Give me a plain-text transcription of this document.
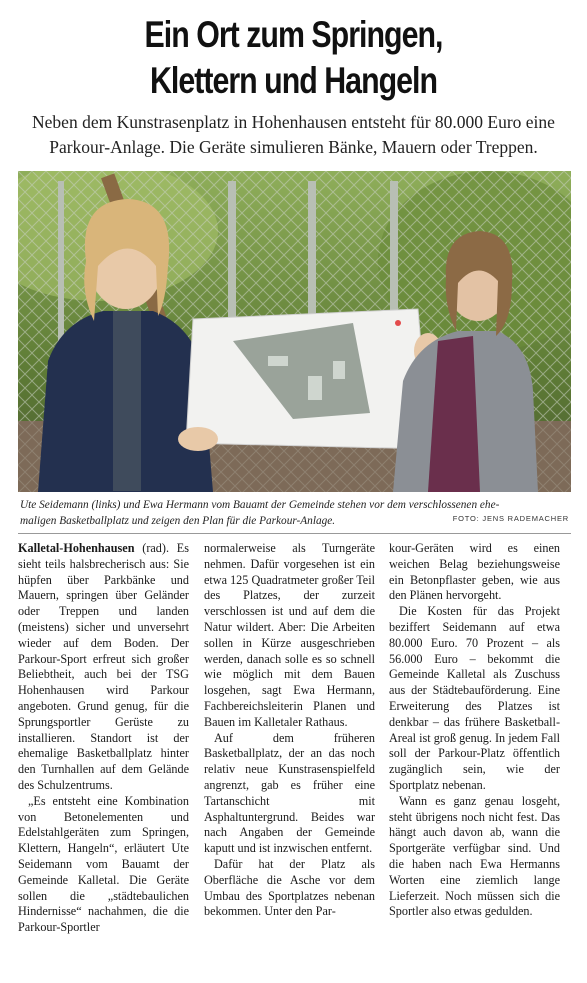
Ein Ort zum Springen,
Klettern und Hangeln
Neben dem Kunstrasenplatz in Hohenhausen entsteht für 80.000 Euro eine
Parkour-Anlage. Die Geräte simulieren Bänke, Mauern oder Treppen.
Ute Seidemann (links) und Ewa Hermann vom Bauamt der Gemeinde stehen vor dem verschlossenen ehe-
maligen Basketballplatz und zeigen den Plan für die Parkour-Anlage.	FOTO: JENS RADEMACHER

Kalletal-Hohenhausen (rad). Es sieht teils halsbrecherisch aus: Sie hüpfen über Parkbänke und Mauern, springen über Geländer oder Treppen und landen (meistens) sicher und unversehrt wieder auf dem Boden. Der Parkour-Sport erfreut sich großer Beliebtheit, auch bei der TSG Hohenhausen wird Parkour angeboten. Grund genug, für die Sprungsportler Gerüste zu installieren. Standort ist der ehemalige Basketballplatz hinter den Turnhallen auf dem Gelände des Schulzentrums.

„Es entsteht eine Kombination von Betonelementen und Edelstahlgeräten zum Springen, Klettern, Hangeln“, erläutert Ute Seidemann vom Bauamt der Gemeinde Kalletal. Die Geräte sollen die „städtebaulichen Hindernisse“ nachahmen, die die Parkour-Sportler

normalerweise als Turngeräte nehmen. Dafür vorgesehen ist ein etwa 125 Quadratmeter großer Teil des Platzes, der zurzeit verschlossen ist und auf dem die Natur wildert. Aber: Die Arbeiten sollen in Kürze ausgeschrieben werden, danach solle es so schnell wie möglich mit dem Bauen losgehen, sagt Ewa Hermann, Fachbereichsleiterin Planen und Bauen im Kalletaler Rathaus.

Auf dem früheren Basketballplatz, der an das noch relativ neue Kunstrasenspielfeld angrenzt, gab es früher eine Tartanschicht mit Asphaltuntergrund. Beides war nach Angaben der Gemeinde kaputt und ist inzwischen entfernt.

Dafür hat der Platz als Oberfläche die Asche vor dem Umbau des Sportplatzes nebenan bekommen. Unter den Par-

kour-Geräten wird es einen weichen Belag beziehungsweise ein Betonpflaster geben, wie aus den Plänen hervorgeht.

Die Kosten für das Projekt beziffert Seidemann auf etwa 80.000 Euro. 70 Prozent – als 56.000 Euro – bekommt die Gemeinde Kalletal als Zuschuss aus der Städtebauförderung. Eine Erweiterung des Platzes ist denkbar – das frühere Basketball-Areal ist groß genug. In jedem Fall soll der Parkour-Platz öffentlich zugänglich sein, wie der Sportplatz nebenan.

Wann es ganz genau losgeht, steht übrigens noch nicht fest. Das hängt auch davon ab, wann die Sportgeräte verfügbar sind. Und die haben nach Ewa Hermanns Worten eine ziemlich lange Lieferzeit. Noch müssen sich die Sportler also etwas gedulden.
